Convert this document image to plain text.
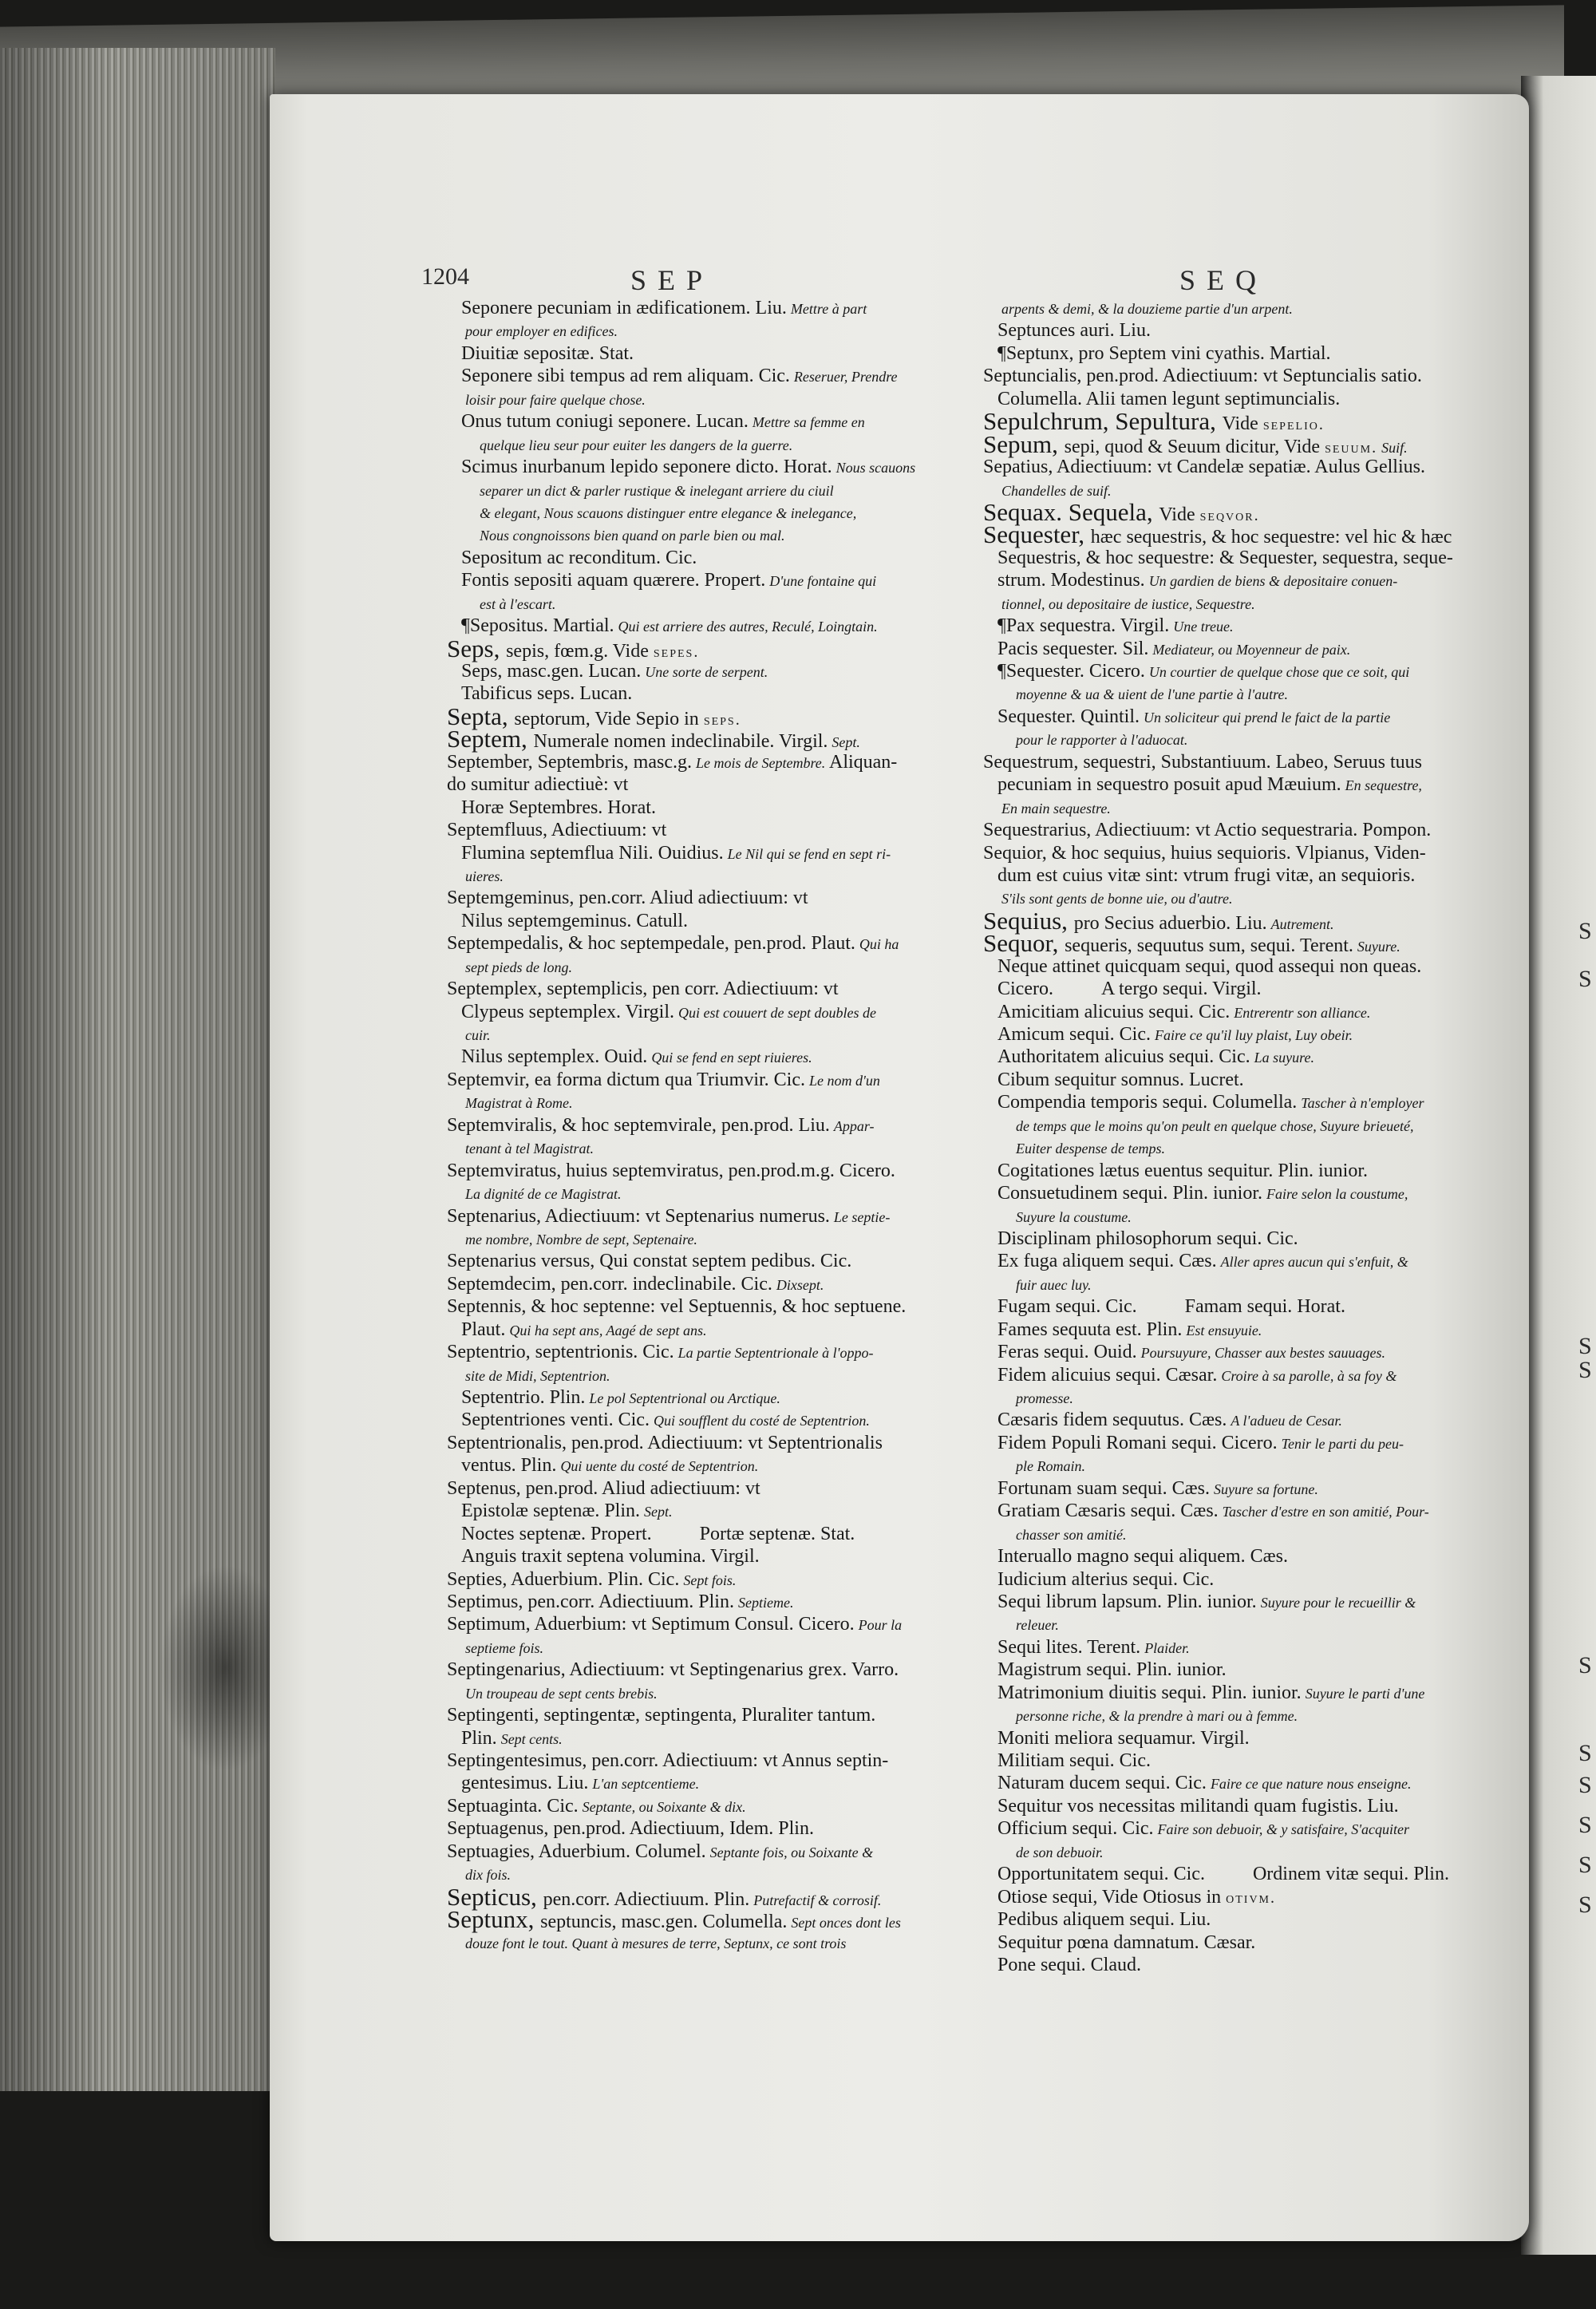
S
S
S
S
S
S
S
S
S
S
1204	SEP	SEQ
Seponere pecuniam in ædificationem. Liu. Mettre à part
pour employer en edifices.
Diuitiæ sepositæ. Stat.
Seponere sibi tempus ad rem aliquam. Cic. Reseruer, Prendre
loisir pour faire quelque chose.
Onus tutum coniugi seponere. Lucan. Mettre sa femme en
quelque lieu seur pour euiter les dangers de la guerre.
Scimus inurbanum lepido seponere dicto. Horat. Nous scauons
separer un dict & parler rustique & inelegant arriere du ciuil
& elegant, Nous scauons distinguer entre elegance & inelegance,
Nous congnoissons bien quand on parle bien ou mal.
Sepositum ac reconditum. Cic.
Fontis sepositi aquam quærere. Propert. D'une fontaine qui
est à l'escart.
¶Sepositus. Martial. Qui est arriere des autres, Reculé, Loingtain.
Seps, sepis, fœm.g. Vide sepes.
Seps, masc.gen. Lucan. Une sorte de serpent.
Tabificus seps. Lucan.
Septa, septorum, Vide Sepio in seps.
Septem, Numerale nomen indeclinabile. Virgil. Sept.
September, Septembris, masc.g. Le mois de Septembre. Aliquan-
do sumitur adiectiuè: vt
Horæ Septembres. Horat.
Septemfluus, Adiectiuum: vt
Flumina septemflua Nili. Ouidius. Le Nil qui se fend en sept ri-
uieres.
Septemgeminus, pen.corr. Aliud adiectiuum: vt
Nilus septemgeminus. Catull.
Septempedalis, & hoc septempedale, pen.prod. Plaut. Qui ha
sept pieds de long.
Septemplex, septemplicis, pen corr. Adiectiuum: vt
Clypeus septemplex. Virgil. Qui est couuert de sept doubles de
cuir.
Nilus septemplex. Ouid. Qui se fend en sept riuieres.
Septemvir, ea forma dictum qua Triumvir. Cic. Le nom d'un
Magistrat à Rome.
Septemviralis, & hoc septemvirale, pen.prod. Liu. Appar-
tenant à tel Magistrat.
Septemviratus, huius septemviratus, pen.prod.m.g. Cicero.
La dignité de ce Magistrat.
Septenarius, Adiectiuum: vt Septenarius numerus. Le septie-
me nombre, Nombre de sept, Septenaire.
Septenarius versus, Qui constat septem pedibus. Cic.
Septemdecim, pen.corr. indeclinabile. Cic. Dixsept.
Septennis, & hoc septenne: vel Septuennis, & hoc septuene.
Plaut. Qui ha sept ans, Aagé de sept ans.
Septentrio, septentrionis. Cic. La partie Septentrionale à l'oppo-
site de Midi, Septentrion.
Septentrio. Plin. Le pol Septentrional ou Arctique.
Septentriones venti. Cic. Qui soufflent du costé de Septentrion.
Septentrionalis, pen.prod. Adiectiuum: vt Septentrionalis
ventus. Plin. Qui uente du costé de Septentrion.
Septenus, pen.prod. Aliud adiectiuum: vt
Epistolæ septenæ. Plin. Sept.
Noctes septenæ. Propert.	Portæ septenæ. Stat.
Anguis traxit septena volumina. Virgil.
Septies, Aduerbium. Plin. Cic. Sept fois.
Septimus, pen.corr. Adiectiuum. Plin. Septieme.
Septimum, Aduerbium: vt Septimum Consul. Cicero. Pour la
septieme fois.
Septingenarius, Adiectiuum: vt Septingenarius grex. Varro.
Un troupeau de sept cents brebis.
Septingenti, septingentæ, septingenta, Pluraliter tantum.
Plin. Sept cents.
Septingentesimus, pen.corr. Adiectiuum: vt Annus septin-
gentesimus. Liu. L'an septcentieme.
Septuaginta. Cic. Septante, ou Soixante & dix.
Septuagenus, pen.prod. Adiectiuum, Idem. Plin.
Septuagies, Aduerbium. Columel. Septante fois, ou Soixante &
dix fois.
Septicus, pen.corr. Adiectiuum. Plin. Putrefactif & corrosif.
Septunx, septuncis, masc.gen. Columella. Sept onces dont les
douze font le tout. Quant à mesures de terre, Septunx, ce sont trois
arpents & demi, & la douzieme partie d'un arpent.
Septunces auri. Liu.
¶Septunx, pro Septem vini cyathis. Martial.
Septuncialis, pen.prod. Adiectiuum: vt Septuncialis satio.
Columella. Alii tamen legunt septimuncialis.
Sepulchrum, Sepultura, Vide sepelio.
Sepum, sepi, quod & Seuum dicitur, Vide seuum. Suif.
Sepatius, Adiectiuum: vt Candelæ sepatiæ. Aulus Gellius.
Chandelles de suif.
Sequax. Sequela, Vide seqvor.
Sequester, hæc sequestris, & hoc sequestre: vel hic & hæc
Sequestris, & hoc sequestre: & Sequester, sequestra, seque-
strum. Modestinus. Un gardien de biens & depositaire conuen-
tionnel, ou depositaire de iustice, Sequestre.
¶Pax sequestra. Virgil. Une treue.
Pacis sequester. Sil. Mediateur, ou Moyenneur de paix.
¶Sequester. Cicero. Un courtier de quelque chose que ce soit, qui
moyenne & ua & uient de l'une partie à l'autre.
Sequester. Quintil. Un soliciteur qui prend le faict de la partie
pour le rapporter à l'aduocat.
Sequestrum, sequestri, Substantiuum. Labeo, Seruus tuus
pecuniam in sequestro posuit apud Mæuium. En sequestre,
En main sequestre.
Sequestrarius, Adiectiuum: vt Actio sequestraria. Pompon.
Sequior, & hoc sequius, huius sequioris. Vlpianus, Viden-
dum est cuius vitæ sint: vtrum frugi vitæ, an sequioris.
S'ils sont gents de bonne uie, ou d'autre.
Sequius, pro Secius aduerbio. Liu. Autrement.
Sequor, sequeris, sequutus sum, sequi. Terent. Suyure.
Neque attinet quicquam sequi, quod assequi non queas.
Cicero.	A tergo sequi. Virgil.
Amicitiam alicuius sequi. Cic. Entrerentr son alliance.
Amicum sequi. Cic. Faire ce qu'il luy plaist, Luy obeir.
Authoritatem alicuius sequi. Cic. La suyure.
Cibum sequitur somnus. Lucret.
Compendia temporis sequi. Columella. Tascher à n'employer
de temps que le moins qu'on peult en quelque chose, Suyure brieueté,
Euiter despense de temps.
Cogitationes lætus euentus sequitur. Plin. iunior.
Consuetudinem sequi. Plin. iunior. Faire selon la coustume,
Suyure la coustume.
Disciplinam philosophorum sequi. Cic.
Ex fuga aliquem sequi. Cæs. Aller apres aucun qui s'enfuit, &
fuir auec luy.
Fugam sequi. Cic.	Famam sequi. Horat.
Fames sequuta est. Plin. Est ensuyuie.
Feras sequi. Ouid. Poursuyure, Chasser aux bestes sauuages.
Fidem alicuius sequi. Cæsar. Croire à sa parolle, à sa foy &
promesse.
Cæsaris fidem sequutus. Cæs. A l'adueu de Cesar.
Fidem Populi Romani sequi. Cicero. Tenir le parti du peu-
ple Romain.
Fortunam suam sequi. Cæs. Suyure sa fortune.
Gratiam Cæsaris sequi. Cæs. Tascher d'estre en son amitié, Pour-
chasser son amitié.
Interuallo magno sequi aliquem. Cæs.
Iudicium alterius sequi. Cic.
Sequi librum lapsum. Plin. iunior. Suyure pour le recueillir &
releuer.
Sequi lites. Terent. Plaider.
Magistrum sequi. Plin. iunior.
Matrimonium diuitis sequi. Plin. iunior. Suyure le parti d'une
personne riche, & la prendre à mari ou à femme.
Moniti meliora sequamur. Virgil.
Militiam sequi. Cic.
Naturam ducem sequi. Cic. Faire ce que nature nous enseigne.
Sequitur vos necessitas militandi quam fugistis. Liu.
Officium sequi. Cic. Faire son debuoir, & y satisfaire, S'acquiter
de son debuoir.
Opportunitatem sequi. Cic.	Ordinem vitæ sequi. Plin.
Otiose sequi, Vide Otiosus in otivm.
Pedibus aliquem sequi. Liu.
Sequitur pœna damnatum. Cæsar.
Pone sequi. Claud.
